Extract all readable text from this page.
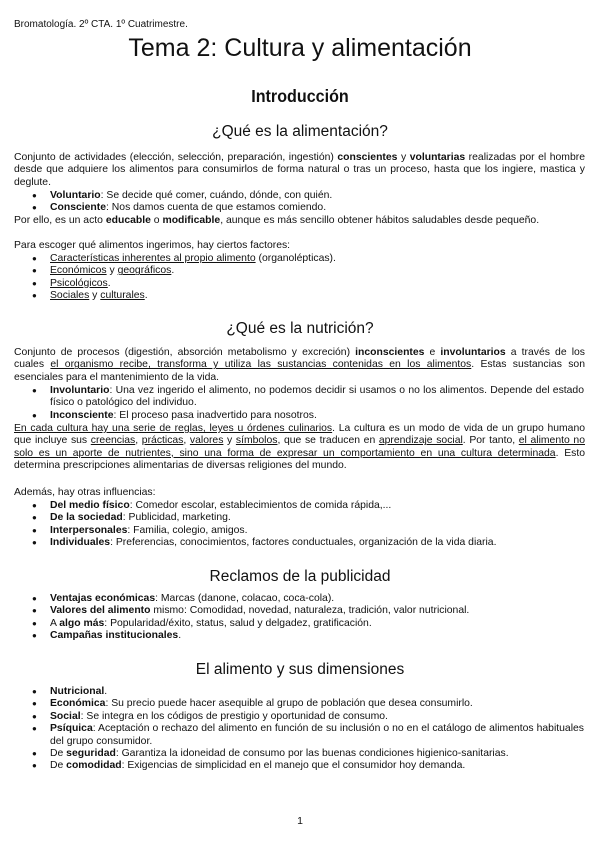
Bromatología. 2º CTA. 1º Cuatrimestre.
Tema 2: Cultura y alimentación
Introducción
¿Qué es la alimentación?
Conjunto de actividades (elección, selección, preparación, ingestión) conscientes y voluntarias realizadas por el hombre desde que adquiere los alimentos para consumirlos de forma natural o tras un proceso, hasta que los ingiere, mastica y deglute.
● Voluntario: Se decide qué comer, cuándo, dónde, con quién.
● Consciente: Nos damos cuenta de que estamos comiendo.
Por ello, es un acto educable o modificable, aunque es más sencillo obtener hábitos saludables desde pequeño.
Para escoger qué alimentos ingerimos, hay ciertos factores:
● Características inherentes al propio alimento (organolépticas).
● Económicos y geográficos.
● Psicológicos.
● Sociales y culturales.
¿Qué es la nutrición?
Conjunto de procesos (digestión, absorción metabolismo y excreción) inconscientes e involuntarios a través de los cuales el organismo recibe, transforma y utiliza las sustancias contenidas en los alimentos. Estas sustancias son esenciales para el mantenimiento de la vida.
● Involuntario: Una vez ingerido el alimento, no podemos decidir si usamos o no los alimentos. Depende del estado físico o patológico del individuo.
● Inconsciente: El proceso pasa inadvertido para nosotros.
En cada cultura hay una serie de reglas, leyes u órdenes culinarios. La cultura es un modo de vida de un grupo humano que incluye sus creencias, prácticas, valores y símbolos, que se traducen en aprendizaje social. Por tanto, el alimento no solo es un aporte de nutrientes, sino una forma de expresar un comportamiento en una cultura determinada. Esto determina prescripciones alimentarias de diversas religiones del mundo.
Además, hay otras influencias:
● Del medio físico: Comedor escolar, establecimientos de comida rápida,...
● De la sociedad: Publicidad, marketing.
● Interpersonales: Familia, colegio, amigos.
● Individuales: Preferencias, conocimientos, factores conductuales, organización de la vida diaria.
Reclamos de la publicidad
● Ventajas económicas: Marcas (danone, colacao, coca-cola).
● Valores del alimento mismo: Comodidad, novedad, naturaleza, tradición, valor nutricional.
● A algo más: Popularidad/éxito, status, salud y delgadez, gratificación.
● Campañas institucionales.
El alimento y sus dimensiones
● Nutricional.
● Económica: Su precio puede hacer asequible al grupo de población que desea consumirlo.
● Social: Se integra en los códigos de prestigio y oportunidad de consumo.
● Psíquica: Aceptación o rechazo del alimento en función de su inclusión o no en el catálogo de alimentos habituales del grupo consumidor.
● De seguridad: Garantiza la idoneidad de consumo por las buenas condiciones higienico-sanitarias.
● De comodidad: Exigencias de simplicidad en el manejo que el consumidor hoy demanda.
1
